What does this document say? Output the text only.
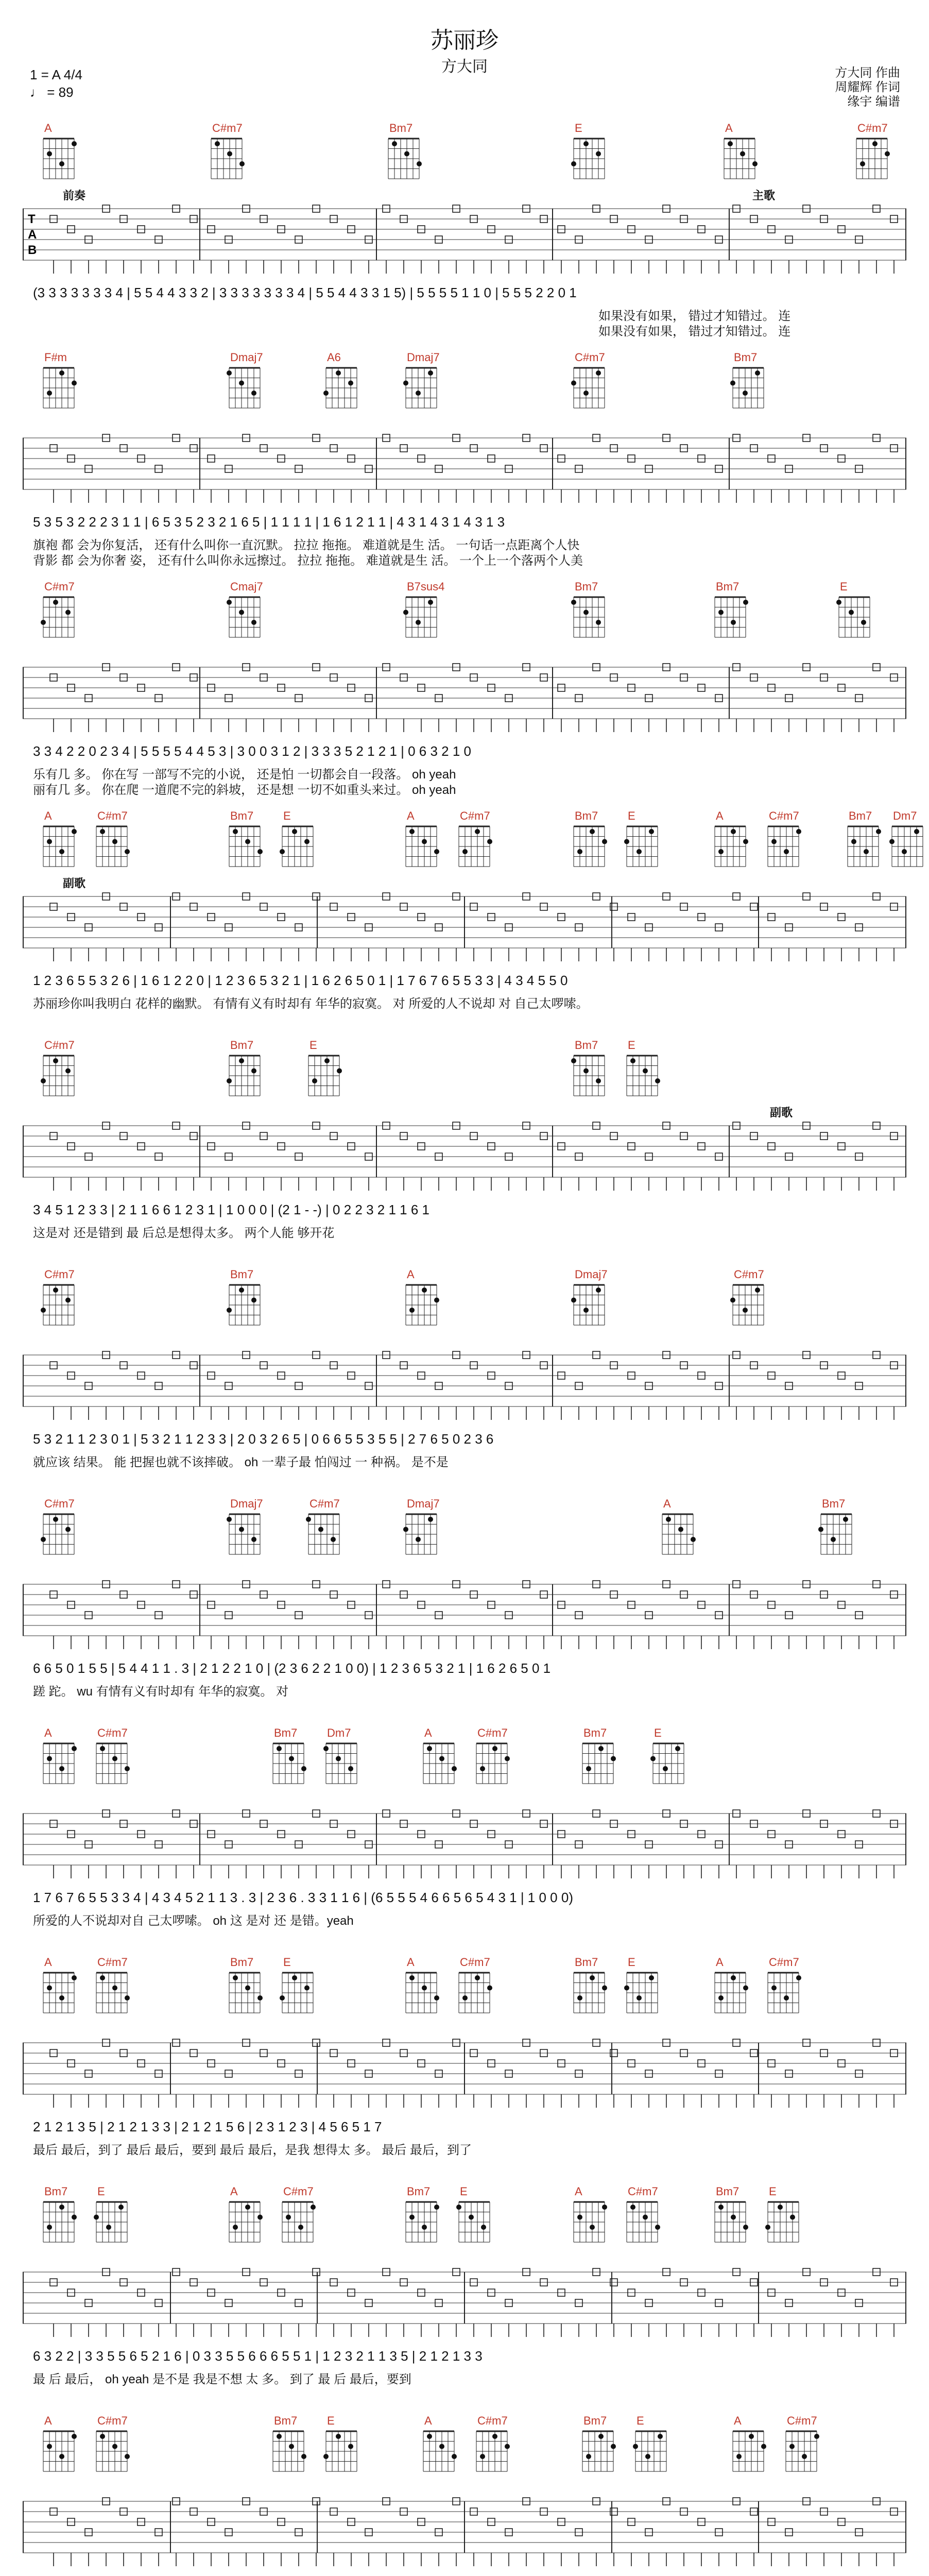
苏丽珍
方大同
1 = A 4/4
♩ = 89
方大同 作曲
周耀辉 作词
缘宇 编谱
A	C#m7	Bm7	E	A	C#m7
前奏	主歌
T
A
B
(3 3 3 3 3 3 3 4 | 5 5 4 4 3 3 2 | 3 3 3 3 3 3 3 4 | 5 5 4 4 3 3 1 5) | 5 5 5 5 1 1 0 | 5 5 5 2 2 0 1
如果没有如果， 错过才知错过。 连
如果没有如果， 错过才知错过。 连
F#m	Dmaj7	A6	Dmaj7	C#m7	Bm7
5 3 5 3 2 2 2 3 1 1 | 6 5 3 5 2 3 2 1 6 5 | 1 1 1 1 | 1 6 1 2 1 1 | 4 3 1 4 3 1 4 3 1 3
旗袍 都 会为你复活， 还有什么叫你一直沉默。 拉拉 拖拖。 难道就是生 活。 一句话一点距离个人快
背影 都 会为你奢 姿， 还有什么叫你永远擦过。 拉拉 拖拖。 难道就是生 活。 一个上一个落两个人美
C#m7	Cmaj7	B7sus4	Bm7	Bm7	E
3 3 4 2 2 0 2 3 4 | 5 5 5 5 4 4 5 3 | 3 0 0 3 1 2 | 3 3 3 5 2 1 2 1 | 0 6 3 2 1 0
乐有几 多。 你在写 一部写不完的小说， 还是怕 一切都会自一段落。 oh yeah
丽有几 多。 你在爬 一道爬不完的斜坡， 还是想 一切不如重头来过。 oh yeah
A	C#m7	Bm7	E	A	C#m7	Bm7	E	A	C#m7	Bm7	Dm7
副歌
1 2 3 6 5 5 3 2 6 | 1 6 1 2 2 0 | 1 2 3 6 5 3 2 1 | 1 6 2 6 5 0 1 | 1 7 6 7 6 5 5 3 3 | 4 3 4 5 5 0
苏丽珍你叫我明白 花样的幽默。 有情有义有时却有 年华的寂寞。 对 所爱的人不说却 对 自己太啰嗦。
C#m7	Bm7	E	Bm7	E
副歌
3 4 5 1 2 3 3 | 2 1 1 6 6 1 2 3 1 | 1 0 0 0 | (2 1 - -) | 0 2 2 3 2 1 1 6 1
这是对 还是错到 最 后总是想得太多。 两个人能 够开花
C#m7	Bm7	A	Dmaj7	C#m7
5 3 2 1 1 2 3 0 1 | 5 3 2 1 1 2 3 3 | 2 0 3 2 6 5 | 0 6 6 5 5 3 5 5 | 2 7 6 5 0 2 3 6
就应该 结果。 能 把握也就不该摔破。 oh 一辈子最 怕闯过 一 种祸。 是不是
C#m7	Dmaj7	C#m7	Dmaj7	A	Bm7
6 6 5 0 1 5 5 | 5 4 4 1 1 . 3 | 2 1 2 2 1 0 | (2 3 6 2 2 1 0 0) | 1 2 3 6 5 3 2 1 | 1 6 2 6 5 0 1
蹉 跎。 wu 有情有义有时却有 年华的寂寞。 对
A	C#m7	Bm7	Dm7	A	C#m7	Bm7	E
1 7 6 7 6 5 5 3 3 4 | 4 3 4 5 2 1 1 3 . 3 | 2 3 6 . 3 3 1 1 6 | (6 5 5 5 4 6 6 5 6 5 4 3 1 | 1 0 0 0)
所爱的人不说却对自 己太啰嗦。 oh 这 是对 还 是错。yeah
A	C#m7	Bm7	E	A	C#m7	Bm7	E	A	C#m7
2 1 2 1 3 5 | 2 1 2 1 3 3 | 2 1 2 1 5 6 | 2 3 1 2 3 | 4 5 6 5 1 7
最后 最后，到了 最后 最后，要到 最后 最后，是我 想得太 多。 最后 最后，到了
Bm7	E	A	C#m7	Bm7	E	A	C#m7	Bm7	E
6 3 2 2 | 3 3 5 5 6 5 2 1 6 | 0 3 3 5 5 6 6 6 5 5 1 | 1 2 3 2 1 1 3 5 | 2 1 2 1 3 3
最 后 最后， oh yeah 是不是 我是不想 太 多。 到了 最 后 最后，要到
A	C#m7	Bm7	E	A	C#m7	Bm7	E	A	C#m7
